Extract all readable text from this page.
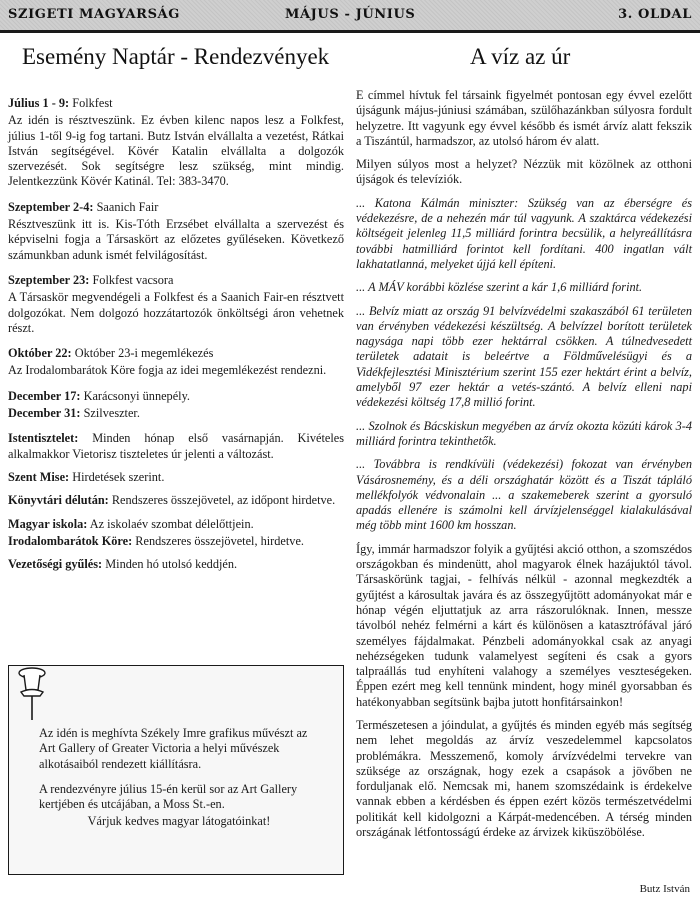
SZIGETI MAGYARSÁG	MÁJUS - JÚNIUS	3. OLDAL
Esemény Naptár - Rendezvények	A víz az úr

Július 1 - 9: Folkfest

Az idén is résztveszünk. Ez évben kilenc napos lesz a Folkfest, július 1-től 9-ig fog tartani. Butz István elvállalta a vezetést, Rátkai István segítségével. Kövér Katalin elvállalta a dolgozók szervezését. Sok segítségre lesz szükség, mint mindig. Jelentkezzünk Kövér Katinál. Tel: 383-3470.

Szeptember 2-4: Saanich Fair

Résztveszünk itt is. Kis-Tóth Erzsébet elvállalta a szervezést és képviselni fogja a Társaskört az előzetes gyűléseken. Következő számunkban adunk ismét felvilágosítást.

Szeptember 23: Folkfest vacsora

A Társaskör megvendégeli a Folkfest és a Saanich Fair-en résztvett dolgozókat. Nem dolgozó hozzátartozók önköltségi áron vehetnek részt.

Október 22: Október 23-i megemlékezés

Az Irodalombarátok Köre fogja az idei megemlékezést rendezni.

December 17: Karácsonyi ünnepély.

December 31: Szilveszter.

Istentisztelet: Minden hónap első vasárnapján. Kivételes alkalmakkor Vietorisz tiszteletes úr jelenti a változást.

Szent Mise: Hirdetések szerint.

Könyvtári délután: Rendszeres összejövetel, az időpont hirdetve.

Magyar iskola: Az iskolaév szombat délelőttjein.

Irodalombarátok Köre: Rendszeres összejövetel, hirdetve.

Vezetőségi gyűlés: Minden hó utolsó keddjén.

Az idén is meghívta Székely Imre grafikus művészt az Art Gallery of Greater Victoria a helyi művészek alkotásaiból rendezett kiállításra.

A rendezvényre július 15-én kerül sor az Art Gallery kertjében és utcájában, a Moss St.-en.

Várjuk kedves magyar látogatóinkat!

E címmel hívtuk fel társaink figyelmét pontosan egy évvel ezelőtt újságunk május-júniusi számában, szülőhazánkban súlyosra fordult helyzetre. Itt vagyunk egy évvel később és ismét árvíz alatt fekszik a Tiszántúl, harmadszor, az utolsó három év alatt.

Milyen súlyos most a helyzet? Nézzük mit közölnek az otthoni újságok és televíziók.

... Katona Kálmán miniszter: Szükség van az éberségre és védekezésre, de a nehezén már túl vagyunk. A szaktárca védekezési költségeit jelenleg 11,5 milliárd forintra becsülik, a helyreállításra további hatmilliárd forintot kell fordítani. 400 ingatlan vált lakhatatlanná, melyeket újjá kell építeni.

... A MÁV korábbi közlése szerint a kár 1,6 milliárd forint.

... Belvíz miatt az ország 91 belvízvédelmi szakaszából 61 területen van érvényben védekezési készültség. A belvízzel borított területek nagysága napi több ezer hektárral csökken. A túlnedvesedett területek adatait is beleértve a Földművelésügyi és a Vidékfejlesztési Minisztérium szerint 155 ezer hektárt érint a belvíz, amelyből 97 ezer hektár a vetés-szántó. A belvíz elleni napi védekezési költség 17,8 millió forint.

... Szolnok és Bácskiskun megyében az árvíz okozta közúti károk 3-4 milliárd forintra tekinthetők.

... Továbbra is rendkívüli (védekezési) fokozat van érvényben Vásárosnemény, és a déli országhatár között és a Tiszát tápláló mellékfolyók védvonalain ... a szakemeberek szerint a gyorsuló apadás ellenére is számolni kell árvízjelenséggel kialakulásával még több mint 1600 km hosszan.

Így, immár harmadszor folyik a gyűjtési akció otthon, a szomszédos országokban és mindenütt, ahol magyarok élnek hazájuktól távol. Társaskörünk tagjai, - felhívás nélkül - azonnal megkezdték a gyűjtést a károsultak javára és az összegyűjtött adományokat már e hónap végén eljuttatjuk az arra rászorulóknak. Innen, messze távolból nehéz felmérni a kárt és különösen a katasztrófával járó személyes fájdalmakat. Pénzbeli adományokkal csak az anyagi nehézségeken tudunk valamelyest segíteni és csak a gyors talpraállás tud enyhíteni valahogy a személyes veszteségeken. Éppen ezért meg kell tennünk mindent, hogy minél gyorsabban és hatékonyabban segítsünk bajba jutott honfitársainkon!

Természetesen a jóindulat, a gyűjtés és minden egyéb más segítség nem lehet megoldás az árvíz veszedelemmel kapcsolatos problémákra. Messzemenő, komoly árvízvédelmi tervekre van szüksége az országnak, hogy ezek a csapások a jövőben ne forduljanak elő. Nemcsak mi, hanem szomszédaink is érdekelve vannak ebben a kérdésben és éppen ezért közös természetvédelmi politikát kell kidolgozni a Kárpát-medencében. A térség minden országának létfontosságú érdeke az árvizek kiküszöbölése.

Butz István
